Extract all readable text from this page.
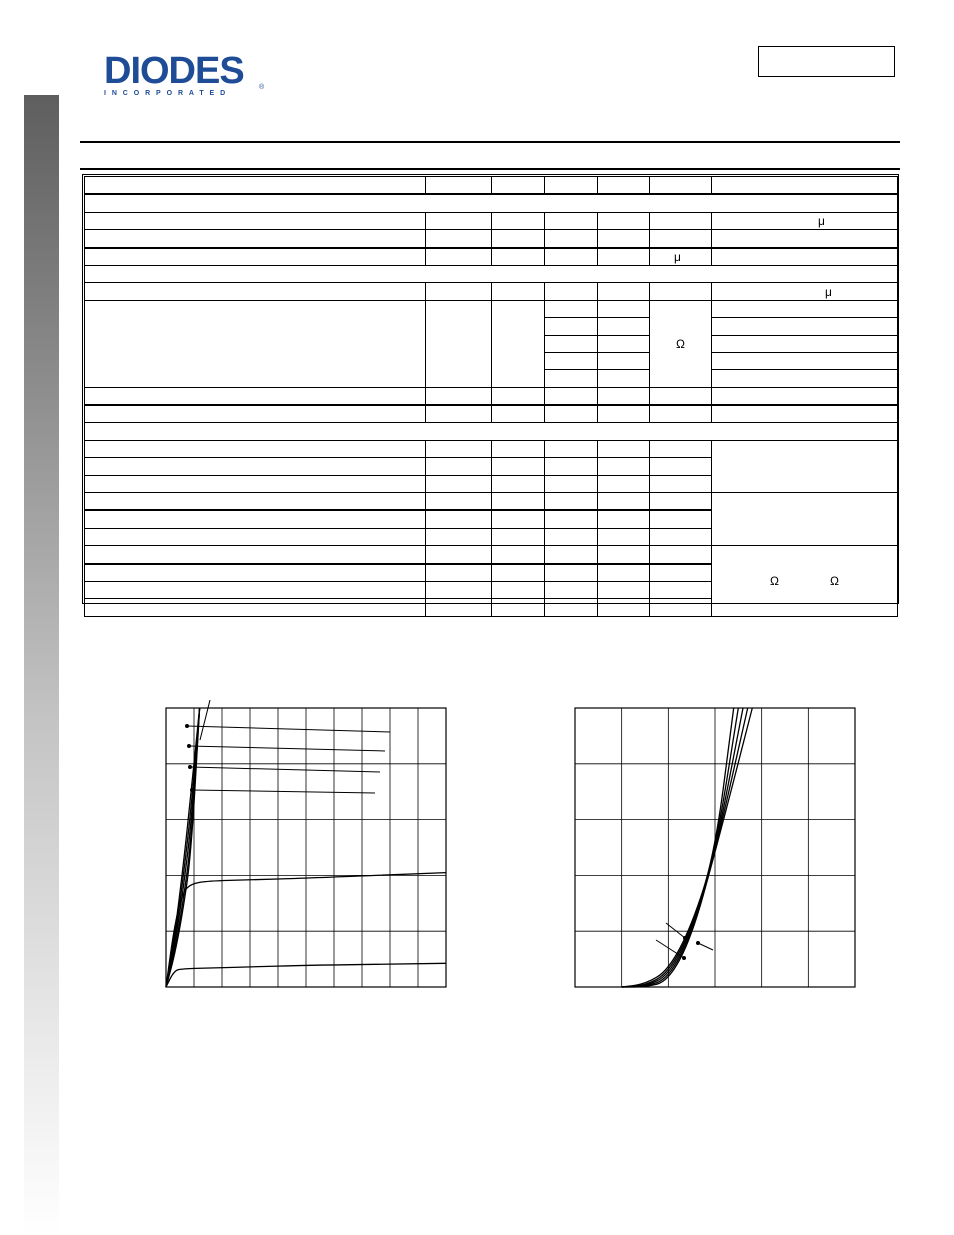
DIODES
INCORPORATED
®

						μ

					μ	

						μ
					Ω	

						Ω Ω
